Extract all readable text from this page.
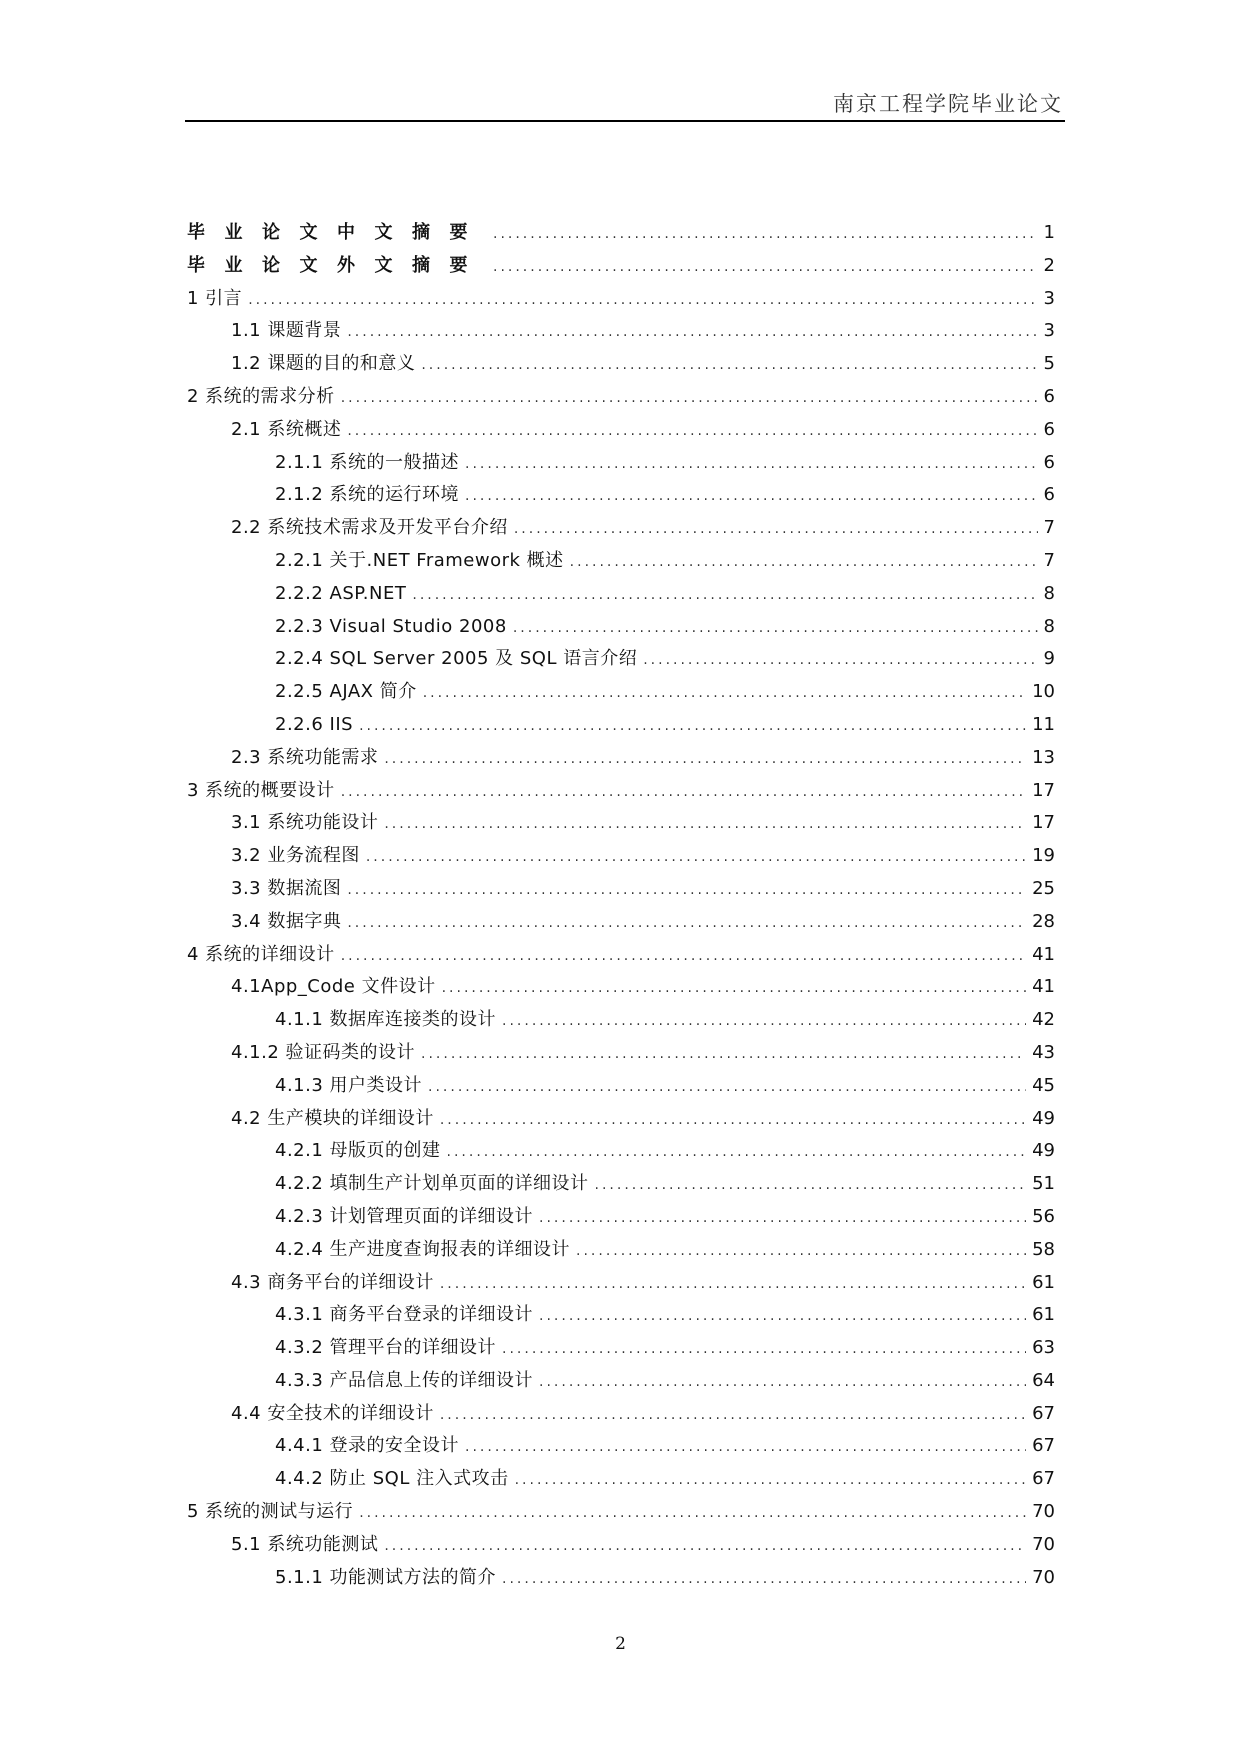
南京工程学院毕业论文
毕业论文中文摘要 .....	1
毕业论文外文摘要 .....	2
1 引言 .....	3
1.1 课题背景 .....	3
1.2 课题的目的和意义 .....	5
2 系统的需求分析 .....	6
2.1 系统概述 .....	6
2.1.1 系统的一般描述 .....	6
2.1.2 系统的运行环境 .....	6
2.2 系统技术需求及开发平台介绍 .....	7
2.2.1 关于.NET Framework 概述 .....	7
2.2.2 ASP.NET .....	8
2.2.3 Visual Studio 2008 .....	8
2.2.4 SQL Server 2005 及 SQL 语言介绍 .....	9
2.2.5 AJAX 简介 .....	10
2.2.6 IIS .....	11
2.3 系统功能需求 .....	13
3 系统的概要设计 .....	17
3.1 系统功能设计 .....	17
3.2 业务流程图 .....	19
3.3 数据流图 .....	25
3.4 数据字典 .....	28
4 系统的详细设计 .....	41
4.1App_Code 文件设计 .....	41
4.1.1 数据库连接类的设计 .....	42
4.1.2 验证码类的设计 .....	43
4.1.3 用户类设计 .....	45
4.2 生产模块的详细设计 .....	49
4.2.1 母版页的创建 .....	49
4.2.2 填制生产计划单页面的详细设计 .....	51
4.2.3 计划管理页面的详细设计 .....	56
4.2.4 生产进度查询报表的详细设计 .....	58
4.3 商务平台的详细设计 .....	61
4.3.1 商务平台登录的详细设计 .....	61
4.3.2 管理平台的详细设计 .....	63
4.3.3 产品信息上传的详细设计 .....	64
4.4 安全技术的详细设计 .....	67
4.4.1 登录的安全设计 .....	67
4.4.2 防止 SQL 注入式攻击 .....	67
5 系统的测试与运行 .....	70
5.1 系统功能测试 .....	70
5.1.1 功能测试方法的简介 .....	70
2
